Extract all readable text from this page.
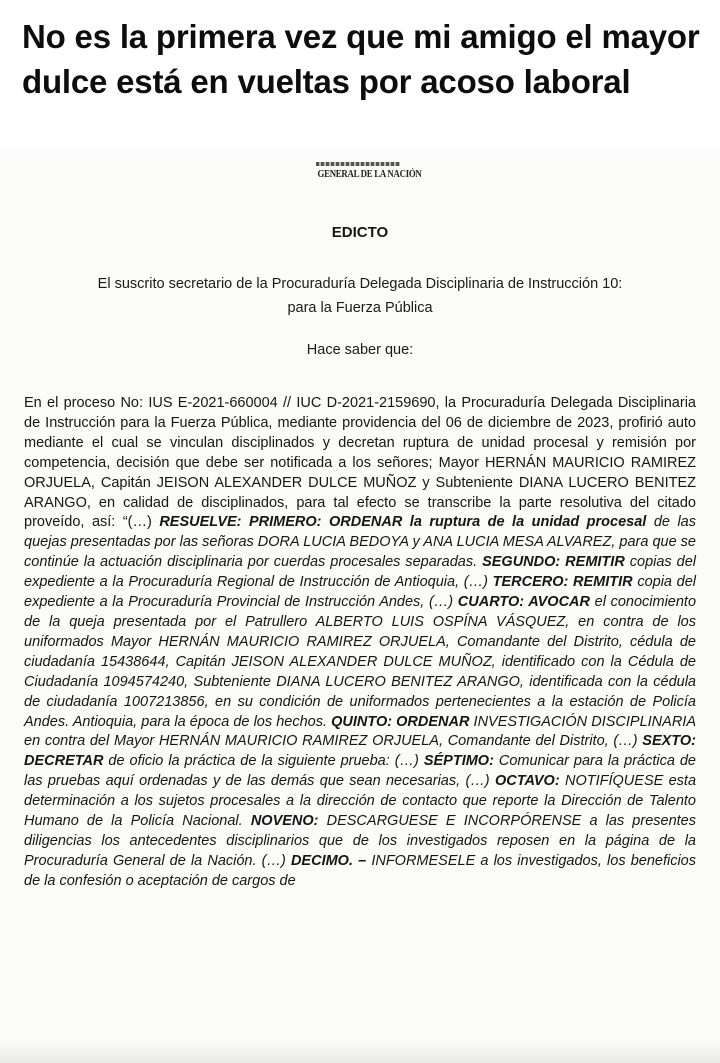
No es la primera vez que mi amigo el mayor dulce está en vueltas por acoso laboral
GENERAL DE LA NACIÓN
EDICTO
El suscrito secretario de la Procuraduría Delegada Disciplinaria de Instrucción 10:
para la Fuerza Pública
Hace saber que:
En el proceso No: IUS E-2021-660004 // IUC D-2021-2159690, la Procuraduría Delegada Disciplinaria de Instrucción para la Fuerza Pública, mediante providencia del 06 de diciembre de 2023, profirió auto mediante el cual se vinculan disciplinados y decretan ruptura de unidad procesal y remisión por competencia, decisión que debe ser notificada a los señores; Mayor HERNÁN MAURICIO RAMIREZ ORJUELA, Capitán JEISON ALEXANDER DULCE MUÑOZ y Subteniente DIANA LUCERO BENITEZ ARANGO, en calidad de disciplinados, para tal efecto se transcribe la parte resolutiva del citado proveído, así: “(…) RESUELVE: PRIMERO: ORDENAR la ruptura de la unidad procesal de las quejas presentadas por las señoras DORA LUCIA BEDOYA y ANA LUCIA MESA ALVAREZ, para que se continúe la actuación disciplinaria por cuerdas procesales separadas. SEGUNDO: REMITIR copias del expediente a la Procuraduría Regional de Instrucción de Antioquia, (…) TERCERO: REMITIR copia del expediente a la Procuraduría Provincial de Instrucción Andes, (…) CUARTO: AVOCAR el conocimiento de la queja presentada por el Patrullero ALBERTO LUIS OSPÍNA VÁSQUEZ, en contra de los uniformados Mayor HERNÁN MAURICIO RAMIREZ ORJUELA, Comandante del Distrito, cédula de ciudadanía 15438644, Capitán JEISON ALEXANDER DULCE MUÑOZ, identificado con la Cédula de Ciudadanía 1094574240, Subteniente DIANA LUCERO BENITEZ ARANGO, identificada con la cédula de ciudadanía 1007213856, en su condición de uniformados pertenecientes a la estación de Policía Andes. Antioquia, para la época de los hechos. QUINTO: ORDENAR INVESTIGACIÓN DISCIPLINARIA en contra del Mayor HERNÁN MAURICIO RAMIREZ ORJUELA, Comandante del Distrito, (…) SEXTO: DECRETAR de oficio la práctica de la siguiente prueba: (…) SÉPTIMO: Comunicar para la práctica de las pruebas aquí ordenadas y de las demás que sean necesarias, (…) OCTAVO: NOTIFÍQUESE esta determinación a los sujetos procesales a la dirección de contacto que reporte la Dirección de Talento Humano de la Policía Nacional. NOVENO: DESCARGUESE E INCORPÓRENSE a las presentes diligencias los antecedentes disciplinarios que de los investigados reposen en la página de la Procuraduría General de la Nación. (…) DECIMO. – INFORMESELE a los investigados, los beneficios de la confesión o aceptación de cargos de
